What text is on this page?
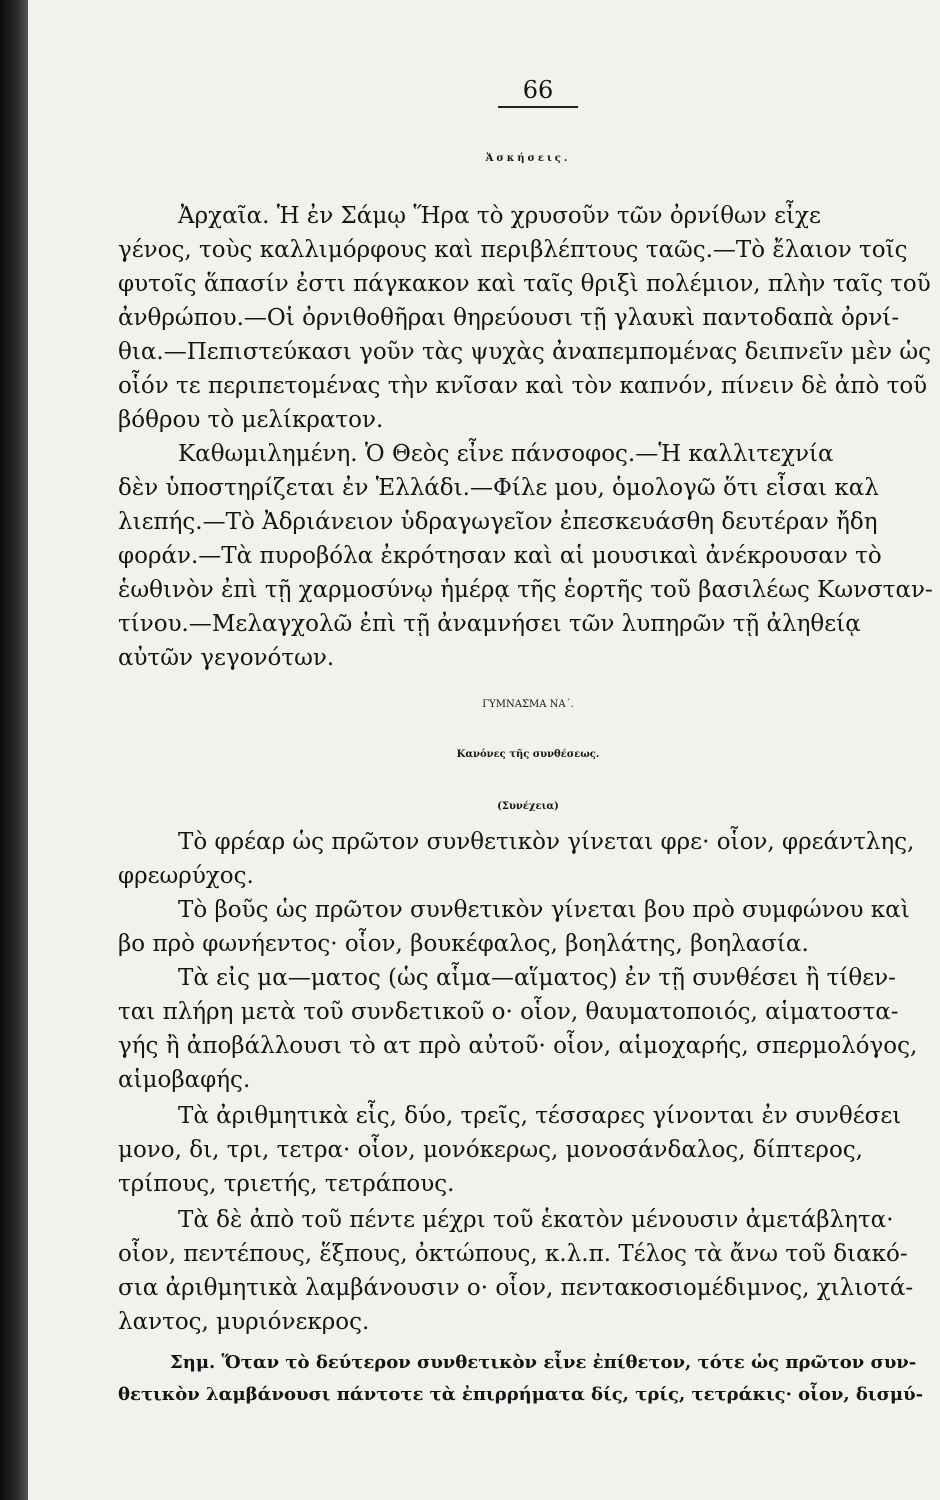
66
Ἀσκήσεις.
Ἀρχαῖα. Ἡ ἐν Σάμῳ Ἥρα τὸ χρυσοῦν τῶν ὀρνίθων εἶχε
γένος, τοὺς καλλιμόρφους καὶ περιβλέπτους ταῶς.—Τὸ ἔλαιον τοῖς
φυτοῖς ἅπασίν ἐστι πάγκακον καὶ ταῖς θριξὶ πολέμιον, πλὴν ταῖς τοῦ
ἀνθρώπου.—Οἱ ὀρνιθοθῆραι θηρεύουσι τῇ γλαυκὶ παντοδαπὰ ὀρνί-
θια.—Πεπιστεύκασι γοῦν τὰς ψυχὰς ἀναπεμπομένας δειπνεῖν μὲν ὡς
οἷόν τε περιπετομένας τὴν κνῖσαν καὶ τὸν καπνόν, πίνειν δὲ ἀπὸ τοῦ
βόθρου τὸ μελίκρατον.
Καθωμιλημένη. Ὁ Θεὸς εἶνε πάνσοφος.—Ἡ καλλιτεχνία
δὲν ὑποστηρίζεται ἐν Ἑλλάδι.—Φίλε μου, ὁμολογῶ ὅτι εἶσαι καλ
λιεπής.—Τὸ Ἀδριάνειον ὑδραγωγεῖον ἐπεσκευάσθη δευτέραν ἤδη
φοράν.—Τὰ πυροβόλα ἐκρότησαν καὶ αἱ μουσικαὶ ἀνέκρουσαν τὸ
ἑωθινὸν ἐπὶ τῇ χαρμοσύνῳ ἡμέρᾳ τῆς ἑορτῆς τοῦ βασιλέως Κωνσταν-
τίνου.—Μελαγχολῶ ἐπὶ τῇ ἀναμνήσει τῶν λυπηρῶν τῇ ἀληθείᾳ
αὐτῶν γεγονότων.
ΓΥΜΝΑΣΜΑ ΝΑ΄.
Κανόνες τῆς συνθέσεως.
(Συνέχεια)
Τὸ φρέαρ ὡς πρῶτον συνθετικὸν γίνεται φρε· οἷον, φρεάντλης,
φρεωρύχος.
Τὸ βοῦς ὡς πρῶτον συνθετικὸν γίνεται βου πρὸ συμφώνου καὶ
βο πρὸ φωνήεντος· οἷον, βουκέφαλος, βοηλάτης, βοηλασία.
Τὰ εἰς μα—ματος (ὡς αἷμα—αἵματος) ἐν τῇ συνθέσει ἢ τίθεν-
ται πλήρη μετὰ τοῦ συνδετικοῦ ο· οἷον, θαυματοποιός, αἱματοστα-
γής ἢ ἀποβάλλουσι τὸ ατ πρὸ αὐτοῦ· οἷον, αἱμοχαρής, σπερμολόγος,
αἱμοβαφής.
Τὰ ἀριθμητικὰ εἷς, δύο, τρεῖς, τέσσαρες γίνονται ἐν συνθέσει
μονο, δι, τρι, τετρα· οἷον, μονόκερως, μονοσάνδαλος, δίπτερος,
τρίπους, τριετής, τετράπους.
Τὰ δὲ ἀπὸ τοῦ πέντε μέχρι τοῦ ἑκατὸν μένουσιν ἀμετάβλητα·
οἷον, πεντέπους, ἕξπους, ὀκτώπους, κ.λ.π. Τέλος τὰ ἄνω τοῦ διακό-
σια ἀριθμητικὰ λαμβάνουσιν ο· οἷον, πεντακοσιομέδιμνος, χιλιοτά-
λαντος, μυριόνεκρος.
Σημ. Ὅταν τὸ δεύτερον συνθετικὸν εἶνε ἐπίθετον, τότε ὡς πρῶτον συν-
θετικὸν λαμβάνουσι πάντοτε τὰ ἐπιρρήματα δίς, τρίς, τετράκις· οἷον, δισμύ-
